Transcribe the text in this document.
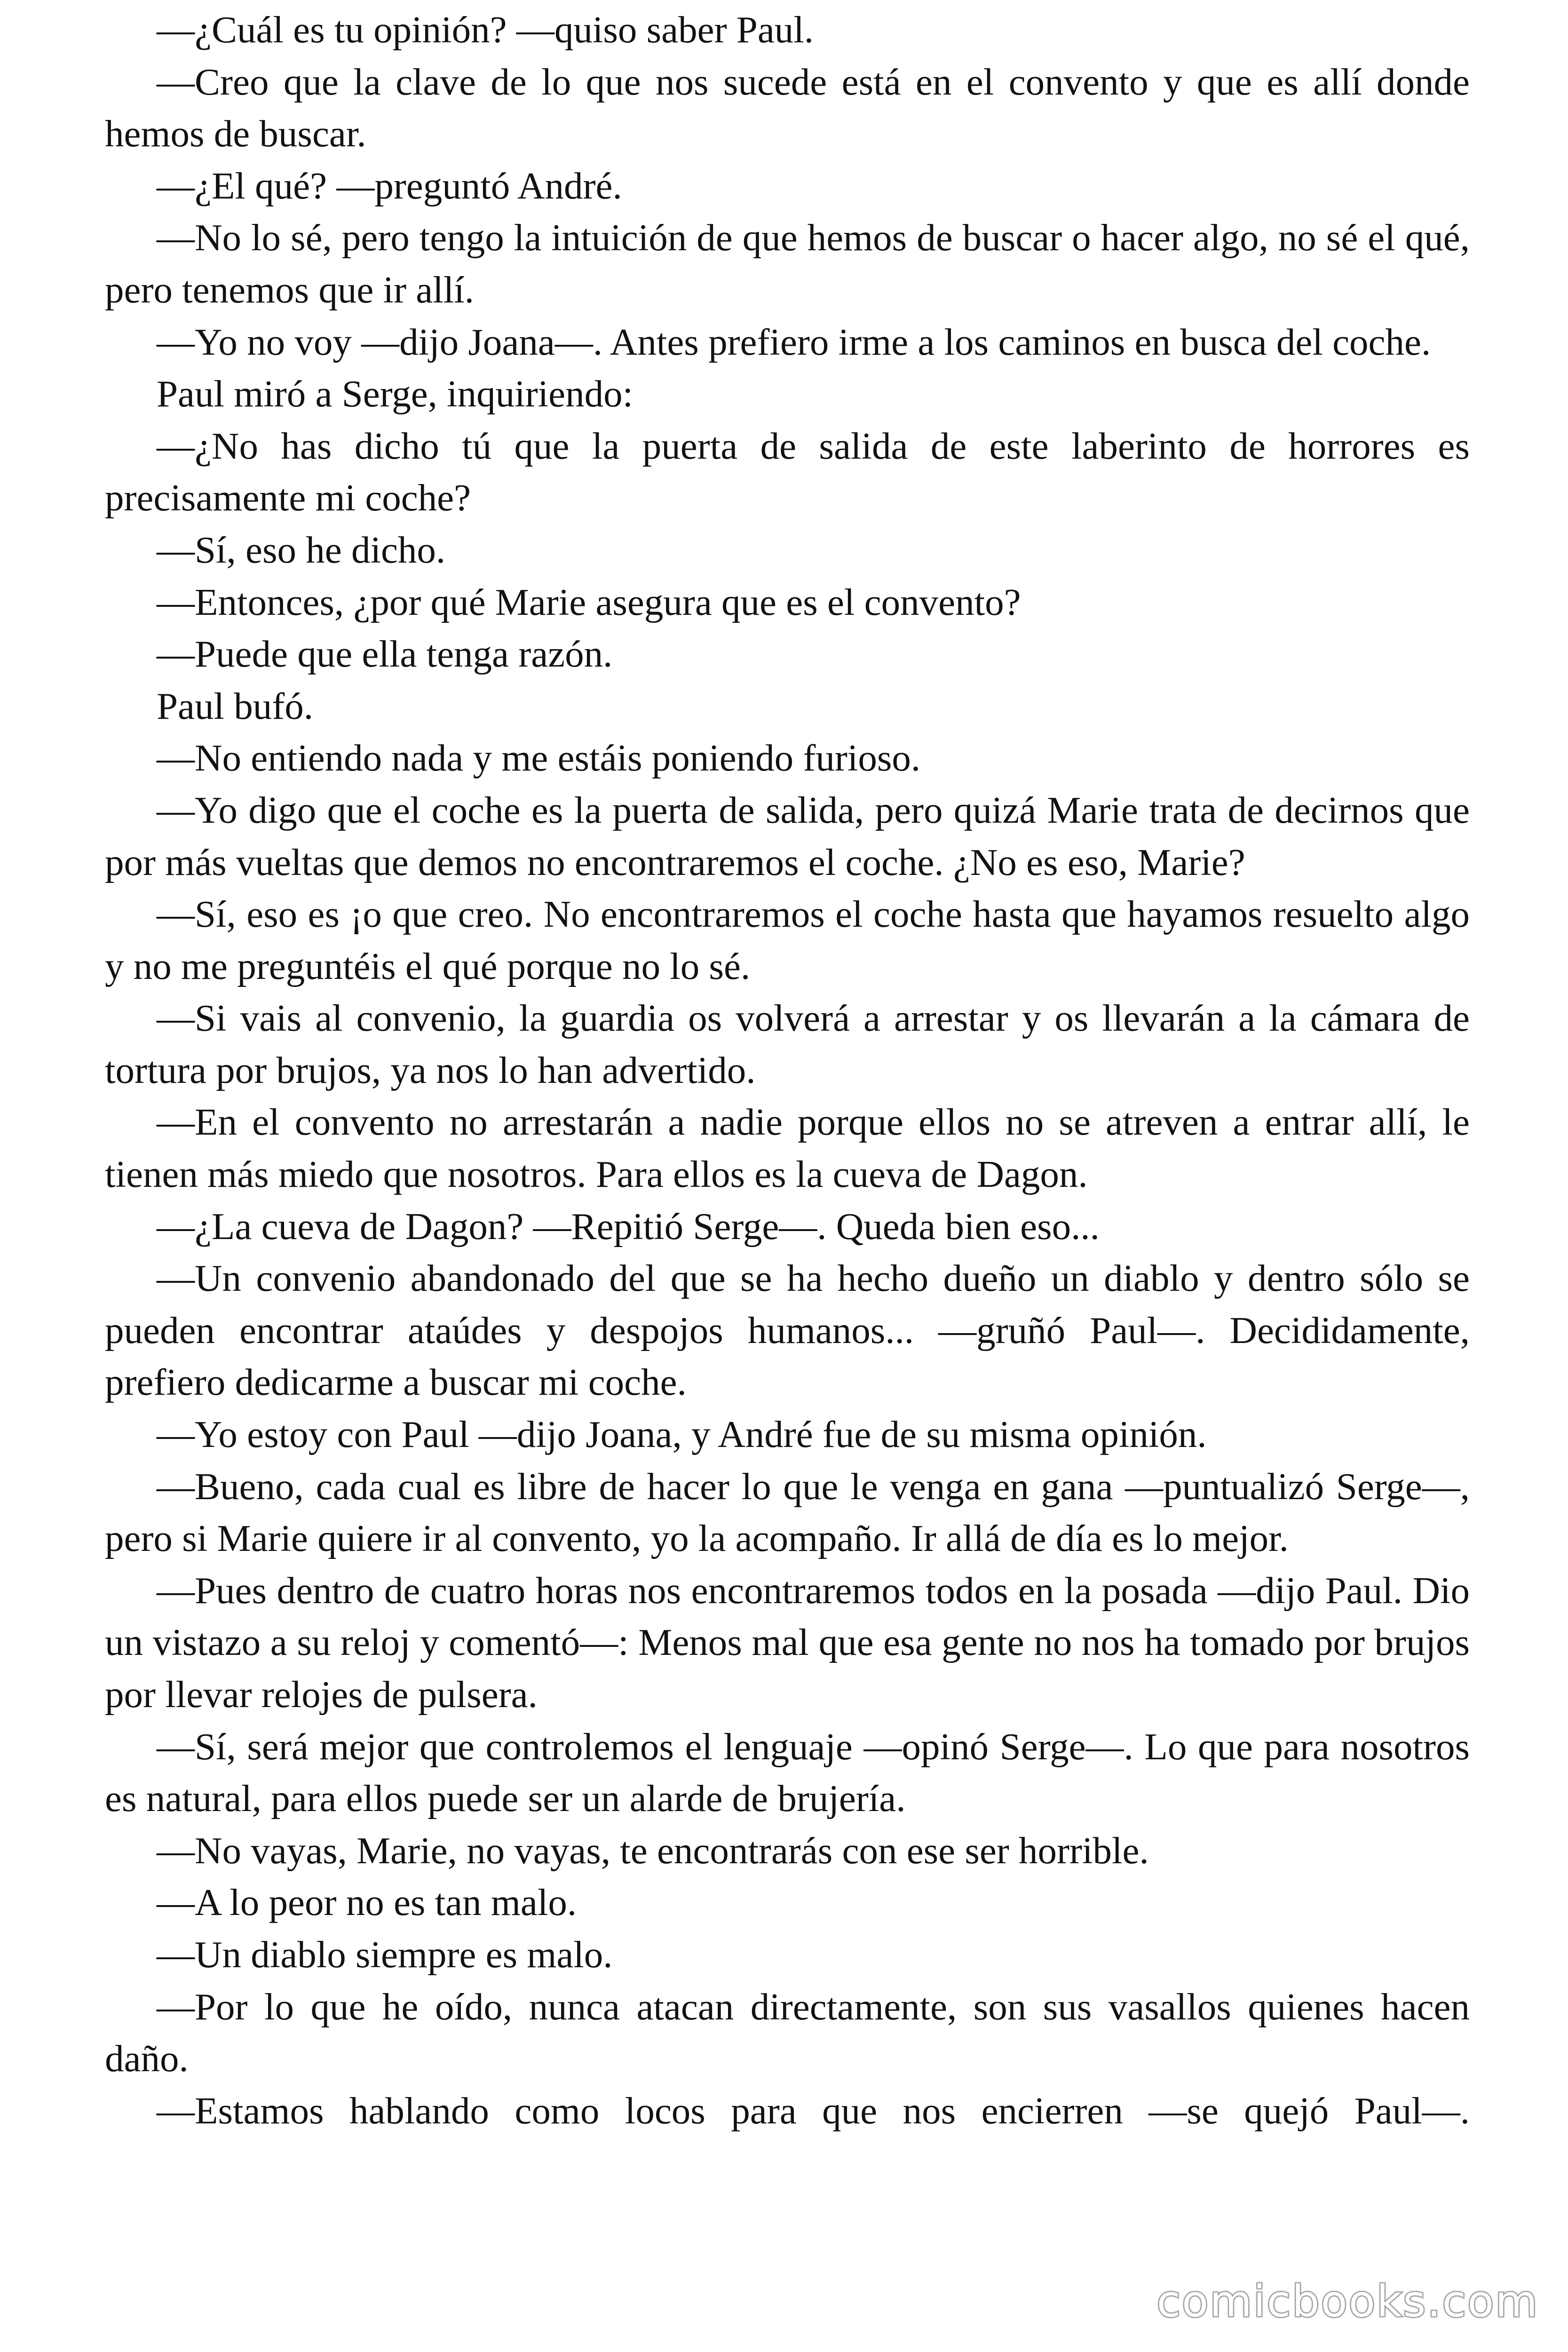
—¿Cuál es tu opinión? —quiso saber Paul.

—Creo que la clave de lo que nos sucede está en el convento y que es allí donde hemos de buscar.

—¿El qué? —preguntó André.

—No lo sé, pero tengo la intuición de que hemos de buscar o hacer algo, no sé el qué, pero tenemos que ir allí.

—Yo no voy —dijo Joana—. Antes prefiero irme a los caminos en busca del coche.

Paul miró a Serge, inquiriendo:

—¿No has dicho tú que la puerta de salida de este laberinto de horrores es precisamente mi coche?

—Sí, eso he dicho.

—Entonces, ¿por qué Marie asegura que es el convento?

—Puede que ella tenga razón.

Paul bufó.

—No entiendo nada y me estáis poniendo furioso.

—Yo digo que el coche es la puerta de salida, pero quizá Marie trata de decirnos que por más vueltas que demos no encontraremos el coche. ¿No es eso, Marie?

—Sí, eso es ¡o que creo. No encontraremos el coche hasta que hayamos resuelto algo y no me preguntéis el qué porque no lo sé.

—Si vais al convenio, la guardia os volverá a arrestar y os llevarán a la cámara de tortura por brujos, ya nos lo han advertido.

—En el convento no arrestarán a nadie porque ellos no se atreven a entrar allí, le tienen más miedo que nosotros. Para ellos es la cueva de Dagon.

—¿La cueva de Dagon? —Repitió Serge—. Queda bien eso...

—Un convenio abandonado del que se ha hecho dueño un diablo y dentro sólo se pueden encontrar ataúdes y despojos humanos... —gruñó Paul—. Decididamente, prefiero dedicarme a buscar mi coche.

—Yo estoy con Paul —dijo Joana, y André fue de su misma opinión.

—Bueno, cada cual es libre de hacer lo que le venga en gana —puntualizó Serge—, pero si Marie quiere ir al convento, yo la acompaño. Ir allá de día es lo mejor.

—Pues dentro de cuatro horas nos encontraremos todos en la posada —dijo Paul. Dio un vistazo a su reloj y comentó—: Menos mal que esa gente no nos ha tomado por brujos por llevar relojes de pulsera.

—Sí, será mejor que controlemos el lenguaje —opinó Serge—. Lo que para nosotros es natural, para ellos puede ser un alarde de brujería.

—No vayas, Marie, no vayas, te encontrarás con ese ser horrible.

—A lo peor no es tan malo.

—Un diablo siempre es malo.

—Por lo que he oído, nunca atacan directamente, son sus vasallos quienes hacen daño.

—Estamos hablando como locos para que nos encierren —se quejó Paul—.

comicbooks.com
